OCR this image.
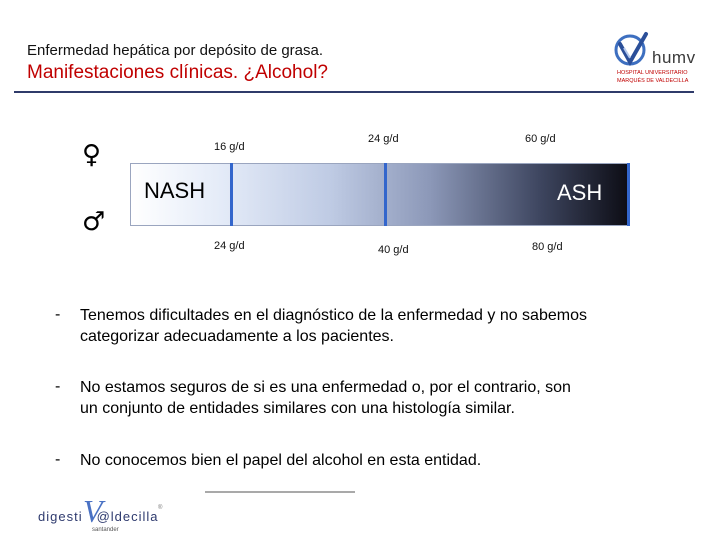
Enfermedad hepática por depósito de grasa.
Manifestaciones clínicas. ¿Alcohol?
humv
HOSPITAL UNIVERSITARIO
MARQUÉS DE VALDECILLA
♀
♂
NASH	ASH
16 g/d
24 g/d	60 g/d
24 g/d	40 g/d	80 g/d
- Tenemos dificultades en el diagnóstico de la enfermedad y no sabemos
categorizar adecuadamente a los pacientes.
- No estamos seguros de si es una enfermedad o, por el contrario, son
un conjunto de entidades similares con una histología similar.
- No conocemos bien el papel del alcohol en esta entidad.
digesti @ldecilla
V
santander
®
